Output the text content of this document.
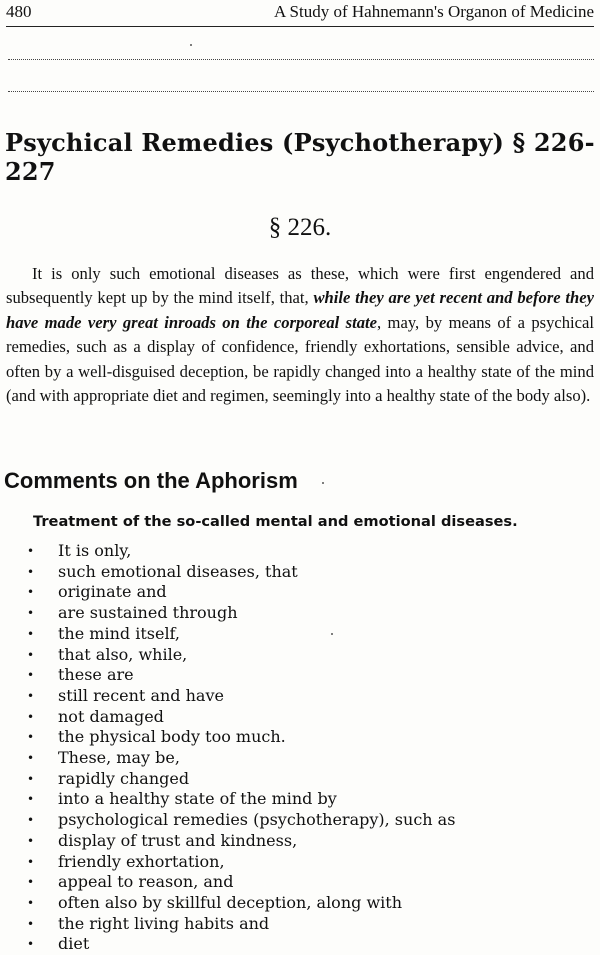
480	A Study of Hahnemann's Organon of Medicine
Psychical Remedies (Psychotherapy) § 226-227
§ 226.

It is only such emotional diseases as these, which were first engendered and subsequently kept up by the mind itself, that, while they are yet recent and before they have made very great inroads on the corporeal state, may, by means of a psychical remedies, such as a display of confidence, friendly exhortations, sensible advice, and often by a well-disguised deception, be rapidly changed into a healthy state of the mind (and with appropriate diet and regimen, seemingly into a healthy state of the body also).

Comments on the Aphorism
Treatment of the so-called mental and emotional diseases.
• It is only,
• such emotional diseases, that
• originate and
• are sustained through
• the mind itself,
• that also, while,
• these are
• still recent and have
• not damaged
• the physical body too much.
• These, may be,
• rapidly changed
• into a healthy state of the mind by
• psychological remedies (psychotherapy), such as
• display of trust and kindness,
• friendly exhortation,
• appeal to reason, and
• often also by skillful deception, along with
• the right living habits and
• diet
